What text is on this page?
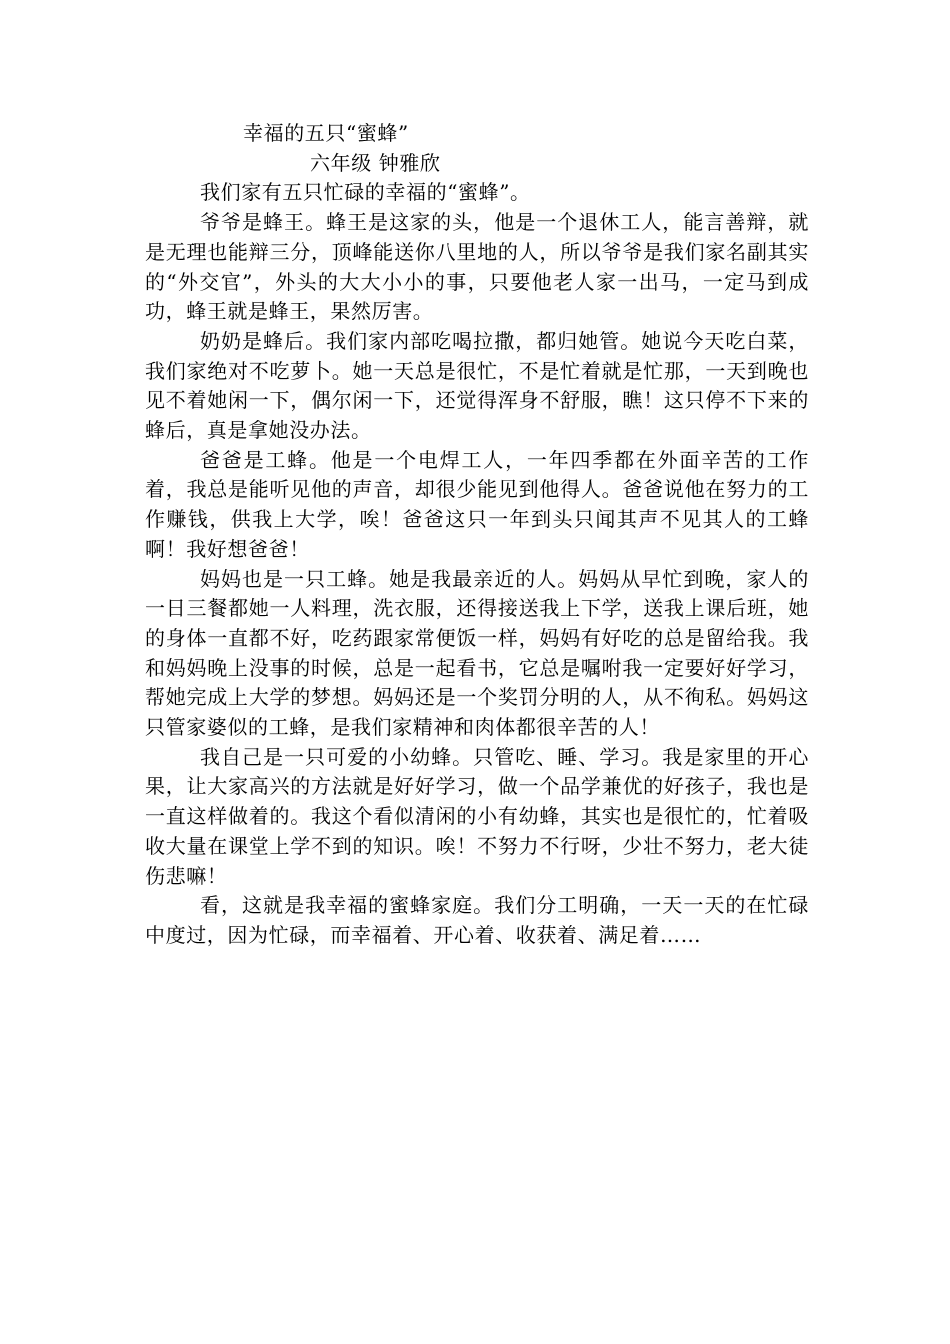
幸福的五只“蜜蜂”
六年级 钟雅欣

我们家有五只忙碌的幸福的“蜜蜂”。

爷爷是蜂王。蜂王是这家的头，他是一个退休工人，能言善辩，就是无理也能辩三分，顶峰能送你八里地的人，所以爷爷是我们家名副其实的“外交官”，外头的大大小小的事，只要他老人家一出马，一定马到成功，蜂王就是蜂王，果然厉害。

奶奶是蜂后。我们家内部吃喝拉撒，都归她管。她说今天吃白菜，我们家绝对不吃萝卜。她一天总是很忙，不是忙着就是忙那，一天到晚也见不着她闲一下，偶尔闲一下，还觉得浑身不舒服，瞧！这只停不下来的蜂后，真是拿她没办法。

爸爸是工蜂。他是一个电焊工人，一年四季都在外面辛苦的工作着，我总是能听见他的声音，却很少能见到他得人。爸爸说他在努力的工作赚钱，供我上大学，唉！爸爸这只一年到头只闻其声不见其人的工蜂啊！我好想爸爸！

妈妈也是一只工蜂。她是我最亲近的人。妈妈从早忙到晚，家人的一日三餐都她一人料理，洗衣服，还得接送我上下学，送我上课后班，她的身体一直都不好，吃药跟家常便饭一样，妈妈有好吃的总是留给我。我和妈妈晚上没事的时候，总是一起看书，它总是嘱咐我一定要好好学习，帮她完成上大学的梦想。妈妈还是一个奖罚分明的人，从不徇私。妈妈这只管家婆似的工蜂，是我们家精神和肉体都很辛苦的人！

我自己是一只可爱的小幼蜂。只管吃、睡、学习。我是家里的开心果，让大家高兴的方法就是好好学习，做一个品学兼优的好孩子，我也是一直这样做着的。我这个看似清闲的小有幼蜂，其实也是很忙的，忙着吸收大量在课堂上学不到的知识。唉！不努力不行呀，少壮不努力，老大徒伤悲嘛！

看，这就是我幸福的蜜蜂家庭。我们分工明确，一天一天的在忙碌中度过，因为忙碌，而幸福着、开心着、收获着、满足着……
